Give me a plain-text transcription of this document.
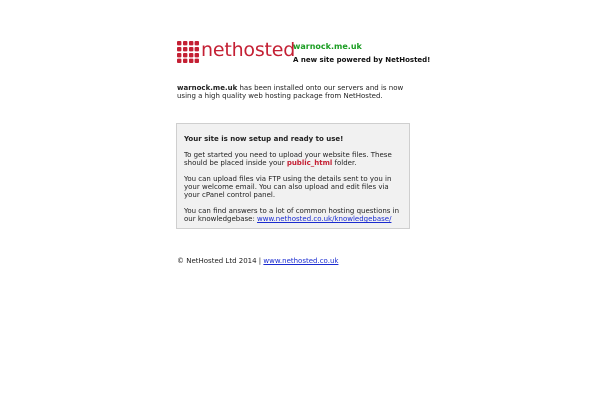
nethosted
warnock.me.uk
A new site powered by NetHosted!
warnock.me.uk has been installed onto our servers and is now using a high quality web hosting package from NetHosted.

Your site is now setup and ready to use!

To get started you need to upload your website files. These should be placed inside your public_html folder.

You can upload files via FTP using the details sent to you in your welcome email. You can also upload and edit files via your cPanel control panel.

You can find answers to a lot of common hosting questions in our knowledgebase: www.nethosted.co.uk/knowledgebase/

© NetHosted Ltd 2014 | www.nethosted.co.uk
